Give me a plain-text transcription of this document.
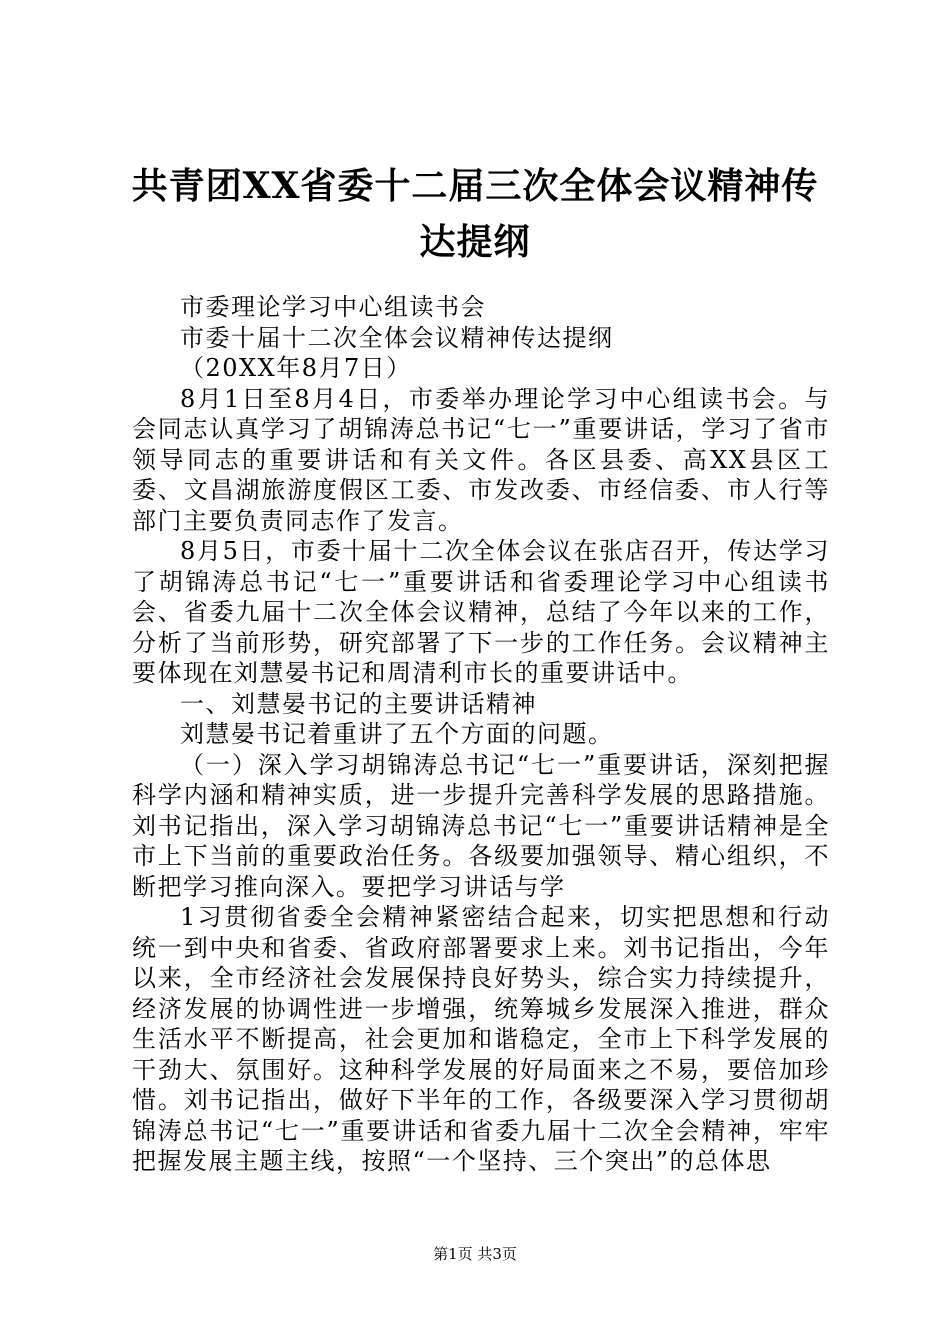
共青团XX省委十二届三次全体会议精神传达提纲

市委理论学习中心组读书会

市委十届十二次全体会议精神传达提纲

（20XX年8月7日）

8月1日至8月4日，市委举办理论学习中心组读书会。与会同志认真学习了胡锦涛总书记“七一”重要讲话，学习了省市领导同志的重要讲话和有关文件。各区县委、高XX县区工委、文昌湖旅游度假区工委、市发改委、市经信委、市人行等部门主要负责同志作了发言。

8月5日，市委十届十二次全体会议在张店召开，传达学习了胡锦涛总书记“七一”重要讲话和省委理论学习中心组读书会、省委九届十二次全体会议精神，总结了今年以来的工作，分析了当前形势，研究部署了下一步的工作任务。会议精神主要体现在刘慧晏书记和周清利市长的重要讲话中。

一、刘慧晏书记的主要讲话精神

刘慧晏书记着重讲了五个方面的问题。

（一）深入学习胡锦涛总书记“七一”重要讲话，深刻把握科学内涵和精神实质，进一步提升完善科学发展的思路措施。刘书记指出，深入学习胡锦涛总书记“七一”重要讲话精神是全市上下当前的重要政治任务。各级要加强领导、精心组织，不断把学习推向深入。要把学习讲话与学

1习贯彻省委全会精神紧密结合起来，切实把思想和行动统一到中央和省委、省政府部署要求上来。刘书记指出，今年以来，全市经济社会发展保持良好势头，综合实力持续提升，经济发展的协调性进一步增强，统筹城乡发展深入推进，群众生活水平不断提高，社会更加和谐稳定，全市上下科学发展的干劲大、氛围好。这种科学发展的好局面来之不易，要倍加珍惜。刘书记指出，做好下半年的工作，各级要深入学习贯彻胡锦涛总书记“七一”重要讲话和省委九届十二次全会精神，牢牢把握发展主题主线，按照“一个坚持、三个突出”的总体思

第1页 共3页
